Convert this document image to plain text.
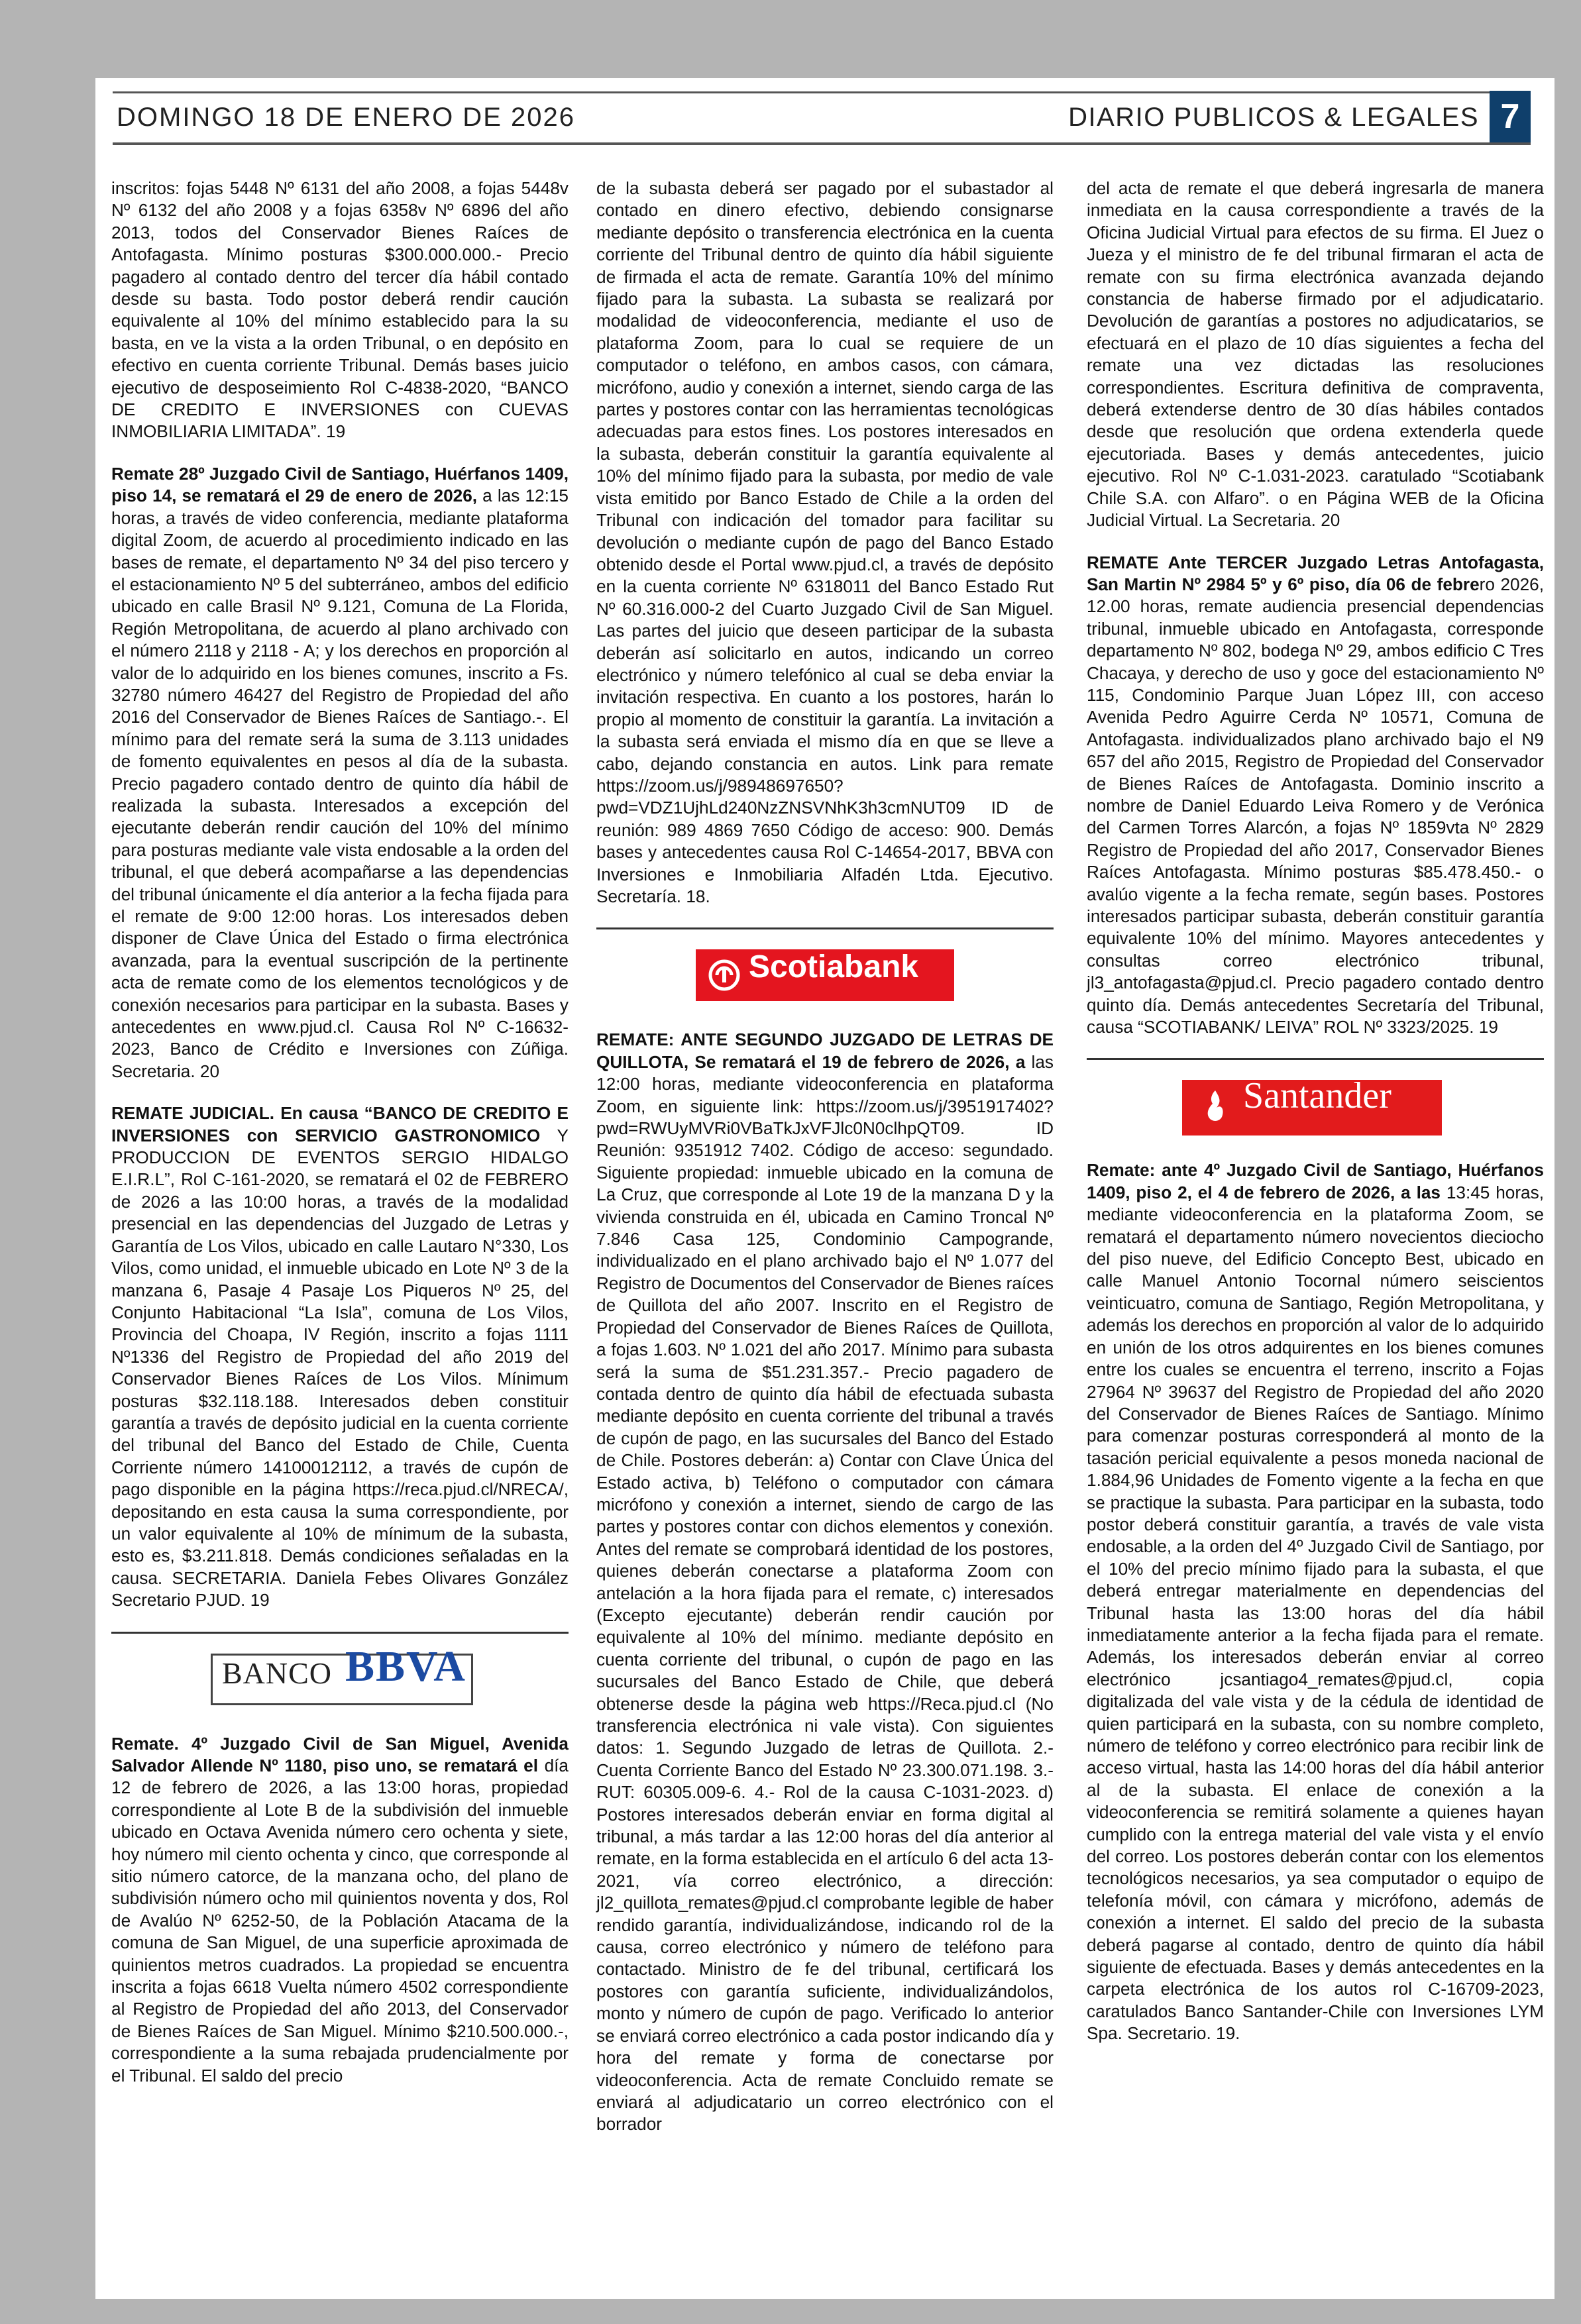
DOMINGO 18 DE ENERO DE 2026	DIARIO PUBLICOS & LEGALES 7

inscritos: fojas 5448 Nº 6131 del año 2008, a fojas 5448v Nº 6132 del año 2008 y a fojas 6358v Nº 6896 del año 2013, todos del Conservador Bienes Raíces de Antofagasta. Mínimo posturas $300.000.000.- Precio pagadero al contado dentro del tercer día hábil contado desde su basta. Todo postor deberá rendir caución equivalente al 10% del mínimo establecido para la su basta, en ve la vista a la orden Tribunal, o en depósito en efectivo en cuenta corriente Tribunal. Demás bases juicio ejecutivo de desposeimiento Rol C-4838-2020, “BANCO DE CREDITO E INVERSIONES con CUEVAS INMOBILIARIA LIMITADA”. 19

Remate 28º Juzgado Civil de Santiago, Huérfanos 1409, piso 14, se rematará el 29 de enero de 2026, a las 12:15 horas, a través de video conferencia, mediante plataforma digital Zoom, de acuerdo al procedimiento indicado en las bases de remate, el departamento Nº 34 del piso tercero y el estacionamiento Nº 5 del subterráneo, ambos del edificio ubicado en calle Brasil Nº 9.121, Comuna de La Florida, Región Metropolitana, de acuerdo al plano archivado con el número 2118 y 2118 - A; y los derechos en proporción al valor de lo adquirido en los bienes comunes, inscrito a Fs. 32780 número 46427 del Registro de Propiedad del año 2016 del Conservador de Bienes Raíces de Santiago.-. El mínimo para del remate será la suma de 3.113 unidades de fomento equivalentes en pesos al día de la subasta. Precio pagadero contado dentro de quinto día hábil de realizada la subasta. Interesados a excepción del ejecutante deberán rendir caución del 10% del mínimo para posturas mediante vale vista endosable a la orden del tribunal, el que deberá acompañarse a las dependencias del tribunal únicamente el día anterior a la fecha fijada para el remate de 9:00 12:00 horas. Los interesados deben disponer de Clave Única del Estado o firma electrónica avanzada, para la eventual suscripción de la pertinente acta de remate como de los elementos tecnológicos y de conexión necesarios para participar en la subasta. Bases y antecedentes en www.pjud.cl. Causa Rol Nº C-16632-2023, Banco de Crédito e Inversiones con Zúñiga. Secretaria. 20

REMATE JUDICIAL. En causa “BANCO DE CREDITO E INVERSIONES con SERVICIO GASTRONOMICO Y PRODUCCION DE EVENTOS SERGIO HIDALGO E.I.R.L”, Rol C-161-2020, se rematará el 02 de FEBRERO de 2026 a las 10:00 horas, a través de la modalidad presencial en las dependencias del Juzgado de Letras y Garantía de Los Vilos, ubicado en calle Lautaro N°330, Los Vilos, como unidad, el inmueble ubicado en Lote Nº 3 de la manzana 6, Pasaje 4 Pasaje Los Piqueros Nº 25, del Conjunto Habitacional “La Isla”, comuna de Los Vilos, Provincia del Choapa, IV Región, inscrito a fojas 1111 Nº1336 del Registro de Propiedad del año 2019 del Conservador Bienes Raíces de Los Vilos. Mínimum posturas $32.118.188. Interesados deben constituir garantía a través de depósito judicial en la cuenta corriente del tribunal del Banco del Estado de Chile, Cuenta Corriente número 14100012112, a través de cupón de pago disponible en la página https://reca.pjud.cl/NRECA/, depositando en esta causa la suma correspondiente, por un valor equivalente al 10% de mínimum de la subasta, esto es, $3.211.818. Demás condiciones señaladas en la causa. SECRETARIA. Daniela Febes Olivares González Secretario PJUD. 19

BANCO BBVA

Remate. 4º Juzgado Civil de San Miguel, Avenida Salvador Allende Nº 1180, piso uno, se rematará el día 12 de febrero de 2026, a las 13:00 horas, propiedad correspondiente al Lote B de la subdivisión del inmueble ubicado en Octava Avenida número cero ochenta y siete, hoy número mil ciento ochenta y cinco, que corresponde al sitio número catorce, de la manzana ocho, del plano de subdivisión número ocho mil quinientos noventa y dos, Rol de Avalúo Nº 6252-50, de la Población Atacama de la comuna de San Miguel, de una superficie aproximada de quinientos metros cuadrados. La propiedad se encuentra inscrita a fojas 6618 Vuelta número 4502 correspondiente al Registro de Propiedad del año 2013, del Conservador de Bienes Raíces de San Miguel. Mínimo $210.500.000.-, correspondiente a la suma rebajada prudencialmente por el Tribunal. El saldo del precio

de la subasta deberá ser pagado por el subastador al contado en dinero efectivo, debiendo consignarse mediante depósito o transferencia electrónica en la cuenta corriente del Tribunal dentro de quinto día hábil siguiente de firmada el acta de remate. Garantía 10% del mínimo fijado para la subasta. La subasta se realizará por modalidad de videoconferencia, mediante el uso de plataforma Zoom, para lo cual se requiere de un computador o teléfono, en ambos casos, con cámara, micrófono, audio y conexión a internet, siendo carga de las partes y postores contar con las herramientas tecnológicas adecuadas para estos fines. Los postores interesados en la subasta, deberán constituir la garantía equivalente al 10% del mínimo fijado para la subasta, por medio de vale vista emitido por Banco Estado de Chile a la orden del Tribunal con indicación del tomador para facilitar su devolución o mediante cupón de pago del Banco Estado obtenido desde el Portal www.pjud.cl, a través de depósito en la cuenta corriente Nº 6318011 del Banco Estado Rut Nº 60.316.000-2 del Cuarto Juzgado Civil de San Miguel. Las partes del juicio que deseen participar de la subasta deberán así solicitarlo en autos, indicando un correo electrónico y número telefónico al cual se deba enviar la invitación respectiva. En cuanto a los postores, harán lo propio al momento de constituir la garantía. La invitación a la subasta será enviada el mismo día en que se lleve a cabo, dejando constancia en autos. Link para remate https://zoom.us/j/98948697650?pwd=VDZ1UjhLd240NzZNSVNhK3h3cmNUT09 ID de reunión: 989 4869 7650 Código de acceso: 900. Demás bases y antecedentes causa Rol C-14654-2017, BBVA con Inversiones e Inmobiliaria Alfadén Ltda. Ejecutivo. Secretaría. 18.

Scotiabank

REMATE: ANTE SEGUNDO JUZGADO DE LETRAS DE QUILLOTA, Se rematará el 19 de febrero de 2026, a las 12:00 horas, mediante videoconferencia en plataforma Zoom, en siguiente link: https://zoom.us/j/3951917402?pwd=RWUyMVRi0VBaTkJxVFJlc0N0clhpQT09. ID Reunión: 9351912 7402. Código de acceso: segundado. Siguiente propiedad: inmueble ubicado en la comuna de La Cruz, que corresponde al Lote 19 de la manzana D y la vivienda construida en él, ubicada en Camino Troncal Nº 7.846 Casa 125, Condominio Campogrande, individualizado en el plano archivado bajo el Nº 1.077 del Registro de Documentos del Conservador de Bienes raíces de Quillota del año 2007. Inscrito en el Registro de Propiedad del Conservador de Bienes Raíces de Quillota, a fojas 1.603. Nº 1.021 del año 2017. Mínimo para subasta será la suma de $51.231.357.- Precio pagadero de contada dentro de quinto día hábil de efectuada subasta mediante depósito en cuenta corriente del tribunal a través de cupón de pago, en las sucursales del Banco del Estado de Chile. Postores deberán: a) Contar con Clave Única del Estado activa, b) Teléfono o computador con cámara micrófono y conexión a internet, siendo de cargo de las partes y postores contar con dichos elementos y conexión. Antes del remate se comprobará identidad de los postores, quienes deberán conectarse a plataforma Zoom con antelación a la hora fijada para el remate, c) interesados (Excepto ejecutante) deberán rendir caución por equivalente al 10% del mínimo. mediante depósito en cuenta corriente del tribunal, o cupón de pago en las sucursales del Banco Estado de Chile, que deberá obtenerse desde la página web https://Reca.pjud.cl (No transferencia electrónica ni vale vista). Con siguientes datos: 1. Segundo Juzgado de letras de Quillota. 2.- Cuenta Corriente Banco del Estado Nº 23.300.071.198. 3.- RUT: 60305.009-6. 4.- Rol de la causa C-1031-2023. d) Postores interesados deberán enviar en forma digital al tribunal, a más tardar a las 12:00 horas del día anterior al remate, en la forma establecida en el artículo 6 del acta 13-2021, vía correo electrónico, a dirección: jl2_quillota_remates@pjud.cl comprobante legible de haber rendido garantía, individualizándose, indicando rol de la causa, correo electrónico y número de teléfono para contactado. Ministro de fe del tribunal, certificará los postores con garantía suficiente, individualizándolos, monto y número de cupón de pago. Verificado lo anterior se enviará correo electrónico a cada postor indicando día y hora del remate y forma de conectarse por videoconferencia. Acta de remate Concluido remate se enviará al adjudicatario un correo electrónico con el borrador

del acta de remate el que deberá ingresarla de manera inmediata en la causa correspondiente a través de la Oficina Judicial Virtual para efectos de su firma. El Juez o Jueza y el ministro de fe del tribunal firmaran el acta de remate con su firma electrónica avanzada dejando constancia de haberse firmado por el adjudicatario. Devolución de garantías a postores no adjudicatarios, se efectuará en el plazo de 10 días siguientes a fecha del remate una vez dictadas las resoluciones correspondientes. Escritura definitiva de compraventa, deberá extenderse dentro de 30 días hábiles contados desde que resolución que ordena extenderla quede ejecutoriada. Bases y demás antecedentes, juicio ejecutivo. Rol Nº C-1.031-2023. caratulado “Scotiabank Chile S.A. con Alfaro”. o en Página WEB de la Oficina Judicial Virtual. La Secretaria. 20

REMATE Ante TERCER Juzgado Letras Antofagasta, San Martin Nº 2984 5º y 6º piso, día 06 de febrero 2026, 12.00 horas, remate audiencia presencial dependencias tribunal, inmueble ubicado en Antofagasta, corresponde departamento Nº 802, bodega Nº 29, ambos edificio C Tres Chacaya, y derecho de uso y goce del estacionamiento Nº 115, Condominio Parque Juan López III, con acceso Avenida Pedro Aguirre Cerda Nº 10571, Comuna de Antofagasta. individualizados plano archivado bajo el N9 657 del año 2015, Registro de Propiedad del Conservador de Bienes Raíces de Antofagasta. Dominio inscrito a nombre de Daniel Eduardo Leiva Romero y de Verónica del Carmen Torres Alarcón, a fojas Nº 1859vta Nº 2829 Registro de Propiedad del año 2017, Conservador Bienes Raíces Antofagasta. Mínimo posturas $85.478.450.- o avalúo vigente a la fecha remate, según bases. Postores interesados participar subasta, deberán constituir garantía equivalente 10% del mínimo. Mayores antecedentes y consultas correo electrónico tribunal, jl3_antofagasta@pjud.cl. Precio pagadero contado dentro quinto día. Demás antecedentes Secretaría del Tribunal, causa “SCOTIABANK/ LEIVA” ROL Nº 3323/2025. 19

Santander

Remate: ante 4º Juzgado Civil de Santiago, Huérfanos 1409, piso 2, el 4 de febrero de 2026, a las 13:45 horas, mediante videoconferencia en la plataforma Zoom, se rematará el departamento número novecientos dieciocho del piso nueve, del Edificio Concepto Best, ubicado en calle Manuel Antonio Tocornal número seiscientos veinticuatro, comuna de Santiago, Región Metropolitana, y además los derechos en proporción al valor de lo adquirido en unión de los otros adquirentes en los bienes comunes entre los cuales se encuentra el terreno, inscrito a Fojas 27964 Nº 39637 del Registro de Propiedad del año 2020 del Conservador de Bienes Raíces de Santiago. Mínimo para comenzar posturas corresponderá al monto de la tasación pericial equivalente a pesos moneda nacional de 1.884,96 Unidades de Fomento vigente a la fecha en que se practique la subasta. Para participar en la subasta, todo postor deberá constituir garantía, a través de vale vista endosable, a la orden del 4º Juzgado Civil de Santiago, por el 10% del precio mínimo fijado para la subasta, el que deberá entregar materialmente en dependencias del Tribunal hasta las 13:00 horas del día hábil inmediatamente anterior a la fecha fijada para el remate. Además, los interesados deberán enviar al correo electrónico jcsantiago4_remates@pjud.cl, copia digitalizada del vale vista y de la cédula de identidad de quien participará en la subasta, con su nombre completo, número de teléfono y correo electrónico para recibir link de acceso virtual, hasta las 14:00 horas del día hábil anterior al de la subasta. El enlace de conexión a la videoconferencia se remitirá solamente a quienes hayan cumplido con la entrega material del vale vista y el envío del correo. Los postores deberán contar con los elementos tecnológicos necesarios, ya sea computador o equipo de telefonía móvil, con cámara y micrófono, además de conexión a internet. El saldo del precio de la subasta deberá pagarse al contado, dentro de quinto día hábil siguiente de efectuada. Bases y demás antecedentes en la carpeta electrónica de los autos rol C-16709-2023, caratulados Banco Santander-Chile con Inversiones LYM Spa. Secretario. 19.
